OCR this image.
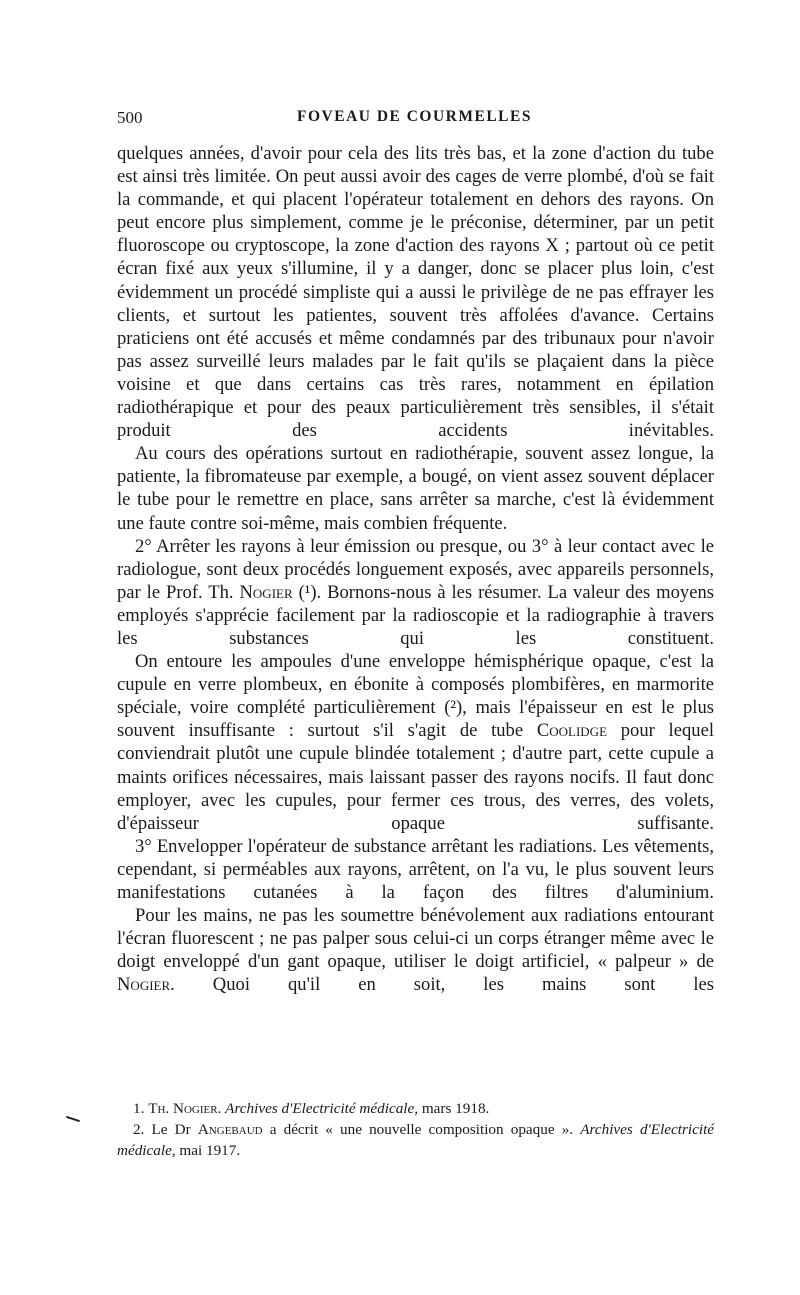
500	FOVEAU DE COURMELLES

quelques années, d'avoir pour cela des lits très bas, et la zone d'action du tube est ainsi très limitée. On peut aussi avoir des cages de verre plombé, d'où se fait la commande, et qui placent l'opérateur totalement en dehors des rayons. On peut encore plus simplement, comme je le préconise, déterminer, par un petit fluoroscope ou cryptoscope, la zone d'action des rayons X ; partout où ce petit écran fixé aux yeux s'illumine, il y a danger, donc se placer plus loin, c'est évidemment un procédé simpliste qui a aussi le privilège de ne pas effrayer les clients, et surtout les patientes, souvent très affolées d'avance. Certains praticiens ont été accusés et même condamnés par des tribunaux pour n'avoir pas assez surveillé leurs malades par le fait qu'ils se plaçaient dans la pièce voisine et que dans certains cas très rares, notamment en épilation radiothérapique et pour des peaux particulièrement très sensibles, il s'était produit des accidents inévitables.

Au cours des opérations surtout en radiothérapie, souvent assez longue, la patiente, la fibromateuse par exemple, a bougé, on vient assez souvent déplacer le tube pour le remettre en place, sans arrêter sa marche, c'est là évidemment une faute contre soi-même, mais combien fréquente.

2° Arrêter les rayons à leur émission ou presque, ou 3° à leur contact avec le radiologue, sont deux procédés longuement exposés, avec appareils personnels, par le Prof. Th. Nogier (¹). Bornons-nous à les résumer. La valeur des moyens employés s'apprécie facilement par la radioscopie et la radiographie à travers les substances qui les constituent.

On entoure les ampoules d'une enveloppe hémisphérique opaque, c'est la cupule en verre plombeux, en ébonite à composés plombifères, en marmorite spéciale, voire complété particulièrement (²), mais l'épaisseur en est le plus souvent insuffisante : surtout s'il s'agit de tube Coolidge pour lequel conviendrait plutôt une cupule blindée totalement ; d'autre part, cette cupule a maints orifices nécessaires, mais laissant passer des rayons nocifs. Il faut donc employer, avec les cupules, pour fermer ces trous, des verres, des volets, d'épaisseur opaque suffisante.

3° Envelopper l'opérateur de substance arrêtant les radiations. Les vêtements, cependant, si perméables aux rayons, arrêtent, on l'a vu, le plus souvent leurs manifestations cutanées à la façon des filtres d'aluminium.

Pour les mains, ne pas les soumettre bénévolement aux radiations entourant l'écran fluorescent ; ne pas palper sous celui-ci un corps étranger même avec le doigt enveloppé d'un gant opaque, utiliser le doigt artificiel, « palpeur » de Nogier. Quoi qu'il en soit, les mains sont les

1. Th. Nogier. Archives d'Electricité médicale, mars 1918.

2. Le Dr Angebaud a décrit « une nouvelle composition opaque ». Archives d'Electricité médicale, mai 1917.
